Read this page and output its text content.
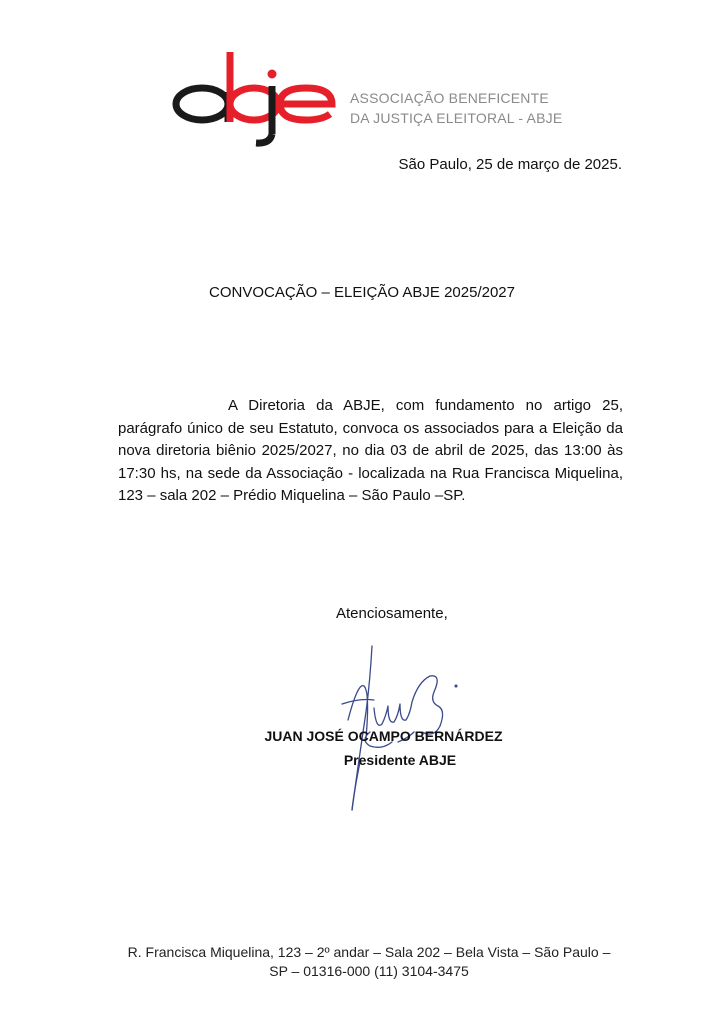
ASSOCIAÇÃO BENEFICENTE
DA JUSTIÇA ELEITORAL - ABJE
São Paulo, 25 de março de 2025.
CONVOCAÇÃO – ELEIÇÃO ABJE 2025/2027

A Diretoria da ABJE, com fundamento no artigo 25, parágrafo único de seu Estatuto, convoca os associados para a Eleição da nova diretoria biênio 2025/2027, no dia 03 de abril de 2025, das 13:00 às 17:30 hs, na sede da Associação - localizada na Rua Francisca Miquelina, 123 – sala 202 – Prédio Miquelina – São Paulo –SP.

Atenciosamente,
JUAN JOSÉ OCAMPO BERNÁRDEZ
Presidente ABJE
R. Francisca Miquelina, 123 – 2º andar – Sala 202 – Bela Vista – São Paulo –
SP – 01316-000 (11) 3104-3475
